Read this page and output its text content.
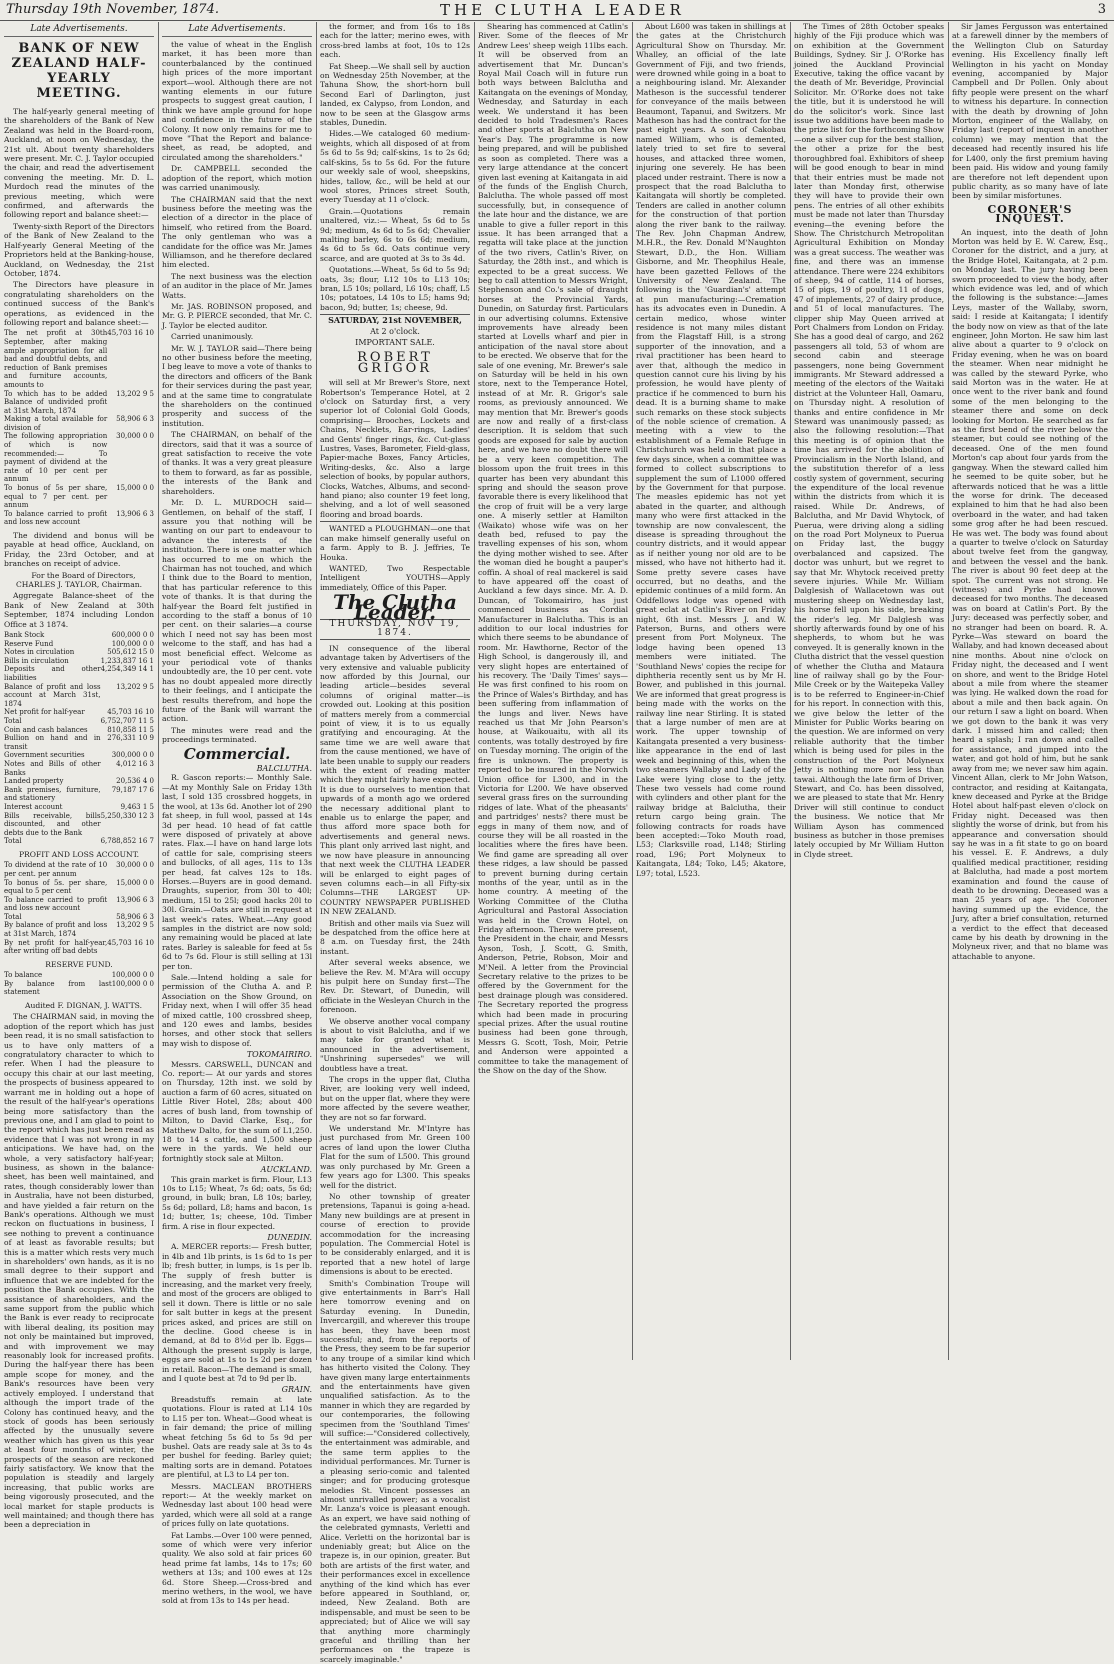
Thursday 19th November, 1874.	THE CLUTHA LEADER	3
Late Advertisements.
BANK OF NEW ZEALAND HALF-YEARLY MEETING.

The half-yearly general meeting of the shareholders of the Bank of New Zealand was held in the Board-room, Auckland, at noon on Wednesday, the 21st ult. About twenty shareholders were present. Mr. C. J. Taylor occupied the chair, and read the advertisement convening the meeting. Mr. D. L. Murdoch read the minutes of the previous meeting, which were confirmed, and afterwards the following report and balance sheet:—

Twenty-sixth Report of the Directors of the Bank of New Zealand to the Half-yearly General Meeting of the Proprietors held at the Banking-house, Auckland, on Wednesday, the 21st October, 1874.

The Directors have pleasure in congratulating shareholders on the continued success of the Bank's operations, as evidenced in the following report and balance sheet:—

The net profit at 30th September, after making ample appropriation for all bad and doubtful debts, and reduction of Bank premises and furniture accounts, amounts to	45,703 16 10
To which has to be added Balance of undivided profit at 31st March, 1874	13,202 9 5
Making a total available for division of	58,906 6 3
The following appropriation of which is now recommended:— To payment of dividend at the rate of 10 per cent per annum	30,000 0 0
To bonus of 5s per share, equal to 7 per cent. per annum	15,000 0 0
To balance carried to profit and loss new account	13,906 6 3

The dividend and bonus will be payable at head office, Auckland, on Friday, the 23rd October, and at branches on receipt of advice.

For the Board of Directors, CHARLES J. TAYLOR, Chairman.

Aggregate Balance-sheet of the Bank of New Zealand at 30th September, 1874 including London Office at 3 1874.

Bank Stock	600,000 0 0
Reserve Fund	100,000 0 0
Notes in circulation	505,612 15 0
Bills in circulation	1,233,837 16 1
Deposits and other liabilities	4,254,349 14 1
Balance of profit and loss account at March 31st, 1874	13,202 9 5
Net profit for half-year	45,703 16 10
Total	6,752,707 11 5
Coin and cash balances	810,858 11 5
Bullion on hand and in transit	276,331 10 9
Government securities	300,000 0 0
Notes and Bills of other Banks	4,012 16 3
Landed property	20,536 4 0
Bank premises, furniture, and stationery	79,187 17 6
Interest account	9,463 1 5
Bills receivable, bills discounted, and other debts due to the Bank	5,250,330 12 3
Total	6,788,852 16 7
PROFIT AND LOSS ACCOUNT.
To dividend at the rate of 10 per cent. per annum	30,000 0 0
To bonus of 5s. per share, equal to 5 per cent	15,000 0 0
To balance carried to profit and loss new account	13,906 6 3
Total	58,906 6 3
By balance of profit and loss at 31st March, 1874	13,202 9 5
By net profit for half-year, after writing off bad debts	45,703 16 10
RESERVE FUND.
To balance	100,000 0 0
By balance from last statement	100,000 0 0

Audited F. DIGNAN, J. WATTS.

The CHAIRMAN said, in moving the adoption of the report which has just been read, it is no small satisfaction to us to have only matters of a congratulatory character to which to refer. When I had the pleasure to occupy this chair at our last meeting, the prospects of business appeared to warrant me in holding out a hope of the result of the half-year's operations being more satisfactory than the previous one, and I am glad to point to the report which has just been read as evidence that I was not wrong in my anticipations. We have had, on the whole, a very satisfactory half-year; business, as shown in the balance-sheet, has been well maintained, and rates, though considerably lower than in Australia, have not been disturbed, and have yielded a fair return on the Bank's operations. Although we must reckon on fluctuations in business, I see nothing to prevent a continuance of at least as favorable results; but this is a matter which rests very much in shareholders' own hands, as it is no small degree to their support and influence that we are indebted for the position the Bank occupies. With the assistance of shareholders, and the same support from the public which the Bank is ever ready to reciprocate with liberal dealing, its position may not only be maintained but improved, and with improvement we may reasonably look for increased profits. During the half-year there has been ample scope for money, and the Bank's resources have been very actively employed. I understand that although the import trade of the Colony has continued heavy, and the stock of goods has been seriously affected by the unusually severe weather which has given us this year at least four months of winter, the prospects of the season are reckoned fairly satisfactory. We know that the population is steadily and largely increasing, that public works are being vigorously prosecuted, and the local market for staple products is well maintained; and though there has been a depreciation in

Late Advertisements.

the value of wheat in the English market, it has been more than counterbalanced by the continued high prices of the more important export—wool. Although there are not wanting elements in our future prospects to suggest great caution, I think we have ample ground for hope and confidence in the future of the Colony. It now only remains for me to move "That the Report and balance-sheet, as read, be adopted, and circulated among the shareholders."

Dr. CAMPBELL seconded the adoption of the report, which motion was carried unanimously.

The CHAIRMAN said that the next business before the meeting was the election of a director in the place of himself, who retired from the Board. The only gentleman who was a candidate for the office was Mr. James Williamson, and he therefore declared him elected.

The next business was the election of an auditor in the place of Mr. James Watts.

Mr. JAS. ROBINSON proposed, and Mr. G. P. PIERCE seconded, that Mr. C. J. Taylor be elected auditor.

Carried unanimously.

Mr. W. J. TAYLOR said—There being no other business before the meeting, I beg leave to move a vote of thanks to the directors and officers of the Bank for their services during the past year, and at the same time to congratulate the shareholders on the continued prosperity and success of the institution.

The CHAIRMAN, on behalf of the directors, said that it was a source of great satisfaction to receive the vote of thanks. It was a very great pleasure to them to forward, as far as possible, the interests of the Bank and shareholders.

Mr. D. L. MURDOCH said—Gentlemen, on behalf of the staff, I assure you that nothing will be wanting on our part to endeavour to advance the interests of the institution. There is one matter which has occurred to me on which the Chairman has not touched, and which I think due to the Board to mention, that has particular reference to this vote of thanks. It is that during the half-year the Board felt justified in according to the staff a bonus of 10 per cent. on their salaries—a course which I need not say has been most welcome to the staff, and has had a most beneficial effect. Welcome as your periodical vote of thanks undoubtedly are, the 10 per cent. vote has no doubt appealed more directly to their feelings, and I anticipate the best results therefrom, and hope the future of the Bank will warrant the action.

The minutes were read and the proceedings terminated.

Commercial.
BALCLUTHA.

R. Gascon reports:— Monthly Sale.—At my Monthly Sale on Friday 13th last, I sold 135 crossbred hoggets, in the wool, at 13s 6d. Another lot of 290 fat sheep, in full wool, passed at 14s 3d per head. 10 head of fat cattle were disposed of privately at above rates. Flax.—I have on hand large lots of cattle for sale, comprising steers and bullocks, of all ages, 11s to 13s per head, fat calves 12s to 18s. Horses.—Buyers are in good demand. Draughts, superior, from 30l to 40l; medium, 15l to 25l; good hacks 20l to 30l. Grain.—Oats are still in request at last week's rates. Wheat.—Any good samples in the district are now sold; any remaining would be placed at late rates. Barley is saleable for feed at 5s 6d to 7s 6d. Flour is still selling at 13l per ton.

Sale.—Intend holding a sale for permission of the Clutha A. and P. Association on the Show Ground, on Friday next, when I will offer 35 head of mixed cattle, 100 crossbred sheep, and 120 ewes and lambs, besides horses, and other stock that sellers may wish to dispose of.

TOKOMAIRIRO.

Messrs. CARSWELL, DUNCAN and Co. report:— At our yards and stores on Thursday, 12th inst. we sold by auction a farm of 60 acres, situated on Little River Hotel, 28s; about 400 acres of bush land, from township of Milton, to David Clarke, Esq., for Matthew Dalto, for the sum of L1,250. 18 to 14 s cattle, and 1,500 sheep were in the yards. We held our fortnightly stock sale at Milton.

AUCKLAND.

This grain market is firm. Flour, L13 10s to L15; Wheat, 7s 6d; oats, 5s 6d; ground, in bulk; bran, L8 10s; barley, 5s 6d; pollard, L8; hams and bacon, 1s 1d; butter, 1s; cheese, 10d. Timber firm. A rise in flour expected.

DUNEDIN.

A. MERCER reports:— Fresh butter, in 4lb and 1lb prints, is 1s 6d to 1s per lb; fresh butter, in lumps, is 1s per lb. The supply of fresh butter is increasing, and the market very freely, and most of the grocers are obliged to sell it down. There is little or no sale for salt butter in kegs at the present prices asked, and prices are still on the decline. Good cheese is in demand, at 8d to 8½d per lb. Eggs—Although the present supply is large, eggs are sold at 1s to 1s 2d per dozen in retail. Bacon—The demand is small, and I quote best at 7d to 9d per lb.

GRAIN.

Breadstuffs remain at late quotations. Flour is rated at L14 10s to L15 per ton. Wheat—Good wheat is in fair demand; the price of milling wheat fetching 5s 6d to 5s 9d per bushel. Oats are ready sale at 3s to 4s per bushel for feeding. Barley quiet; malting sorts are in demand. Potatoes are plentiful, at L3 to L4 per ton.

Messrs. MACLEAN BROTHERS report:— At the weekly market on Wednesday last about 100 head were yarded, which were all sold at a range of prices fully on late quotations.

Fat Lambs.—Over 100 were penned, some of which were very inferior quality. We also sold at fair prices 60 head prime fat lambs, 14s to 17s; 60 wethers at 13s; and 100 ewes at 12s 6d. Store Sheep.—Cross-bred and merino wethers, in the wool, we have sold at from 13s to 14s per head.

the former, and from 16s to 18s each for the latter; merino ewes, with cross-bred lambs at foot, 10s to 12s each.

Fat Sheep.—We shall sell by auction on Wednesday 25th November, at the Tahuna Show, the short-horn bull Second Earl of Darlington, just landed, ex Calypso, from London, and now to be seen at the Glasgow arms stables, Dunedin.

Hides.—We cataloged 60 medium-weights, which all disposed of at from 5s 6d to 5s 9d; calf-skins, 1s to 2s 6d; calf-skins, 5s to 5s 6d. For the future our weekly sale of wool, sheepskins, hides, tallow, &c., will be held at our wool stores, Princes street South, every Tuesday at 11 o'clock.

Grain.—Quotations remain unaltered, viz.:— Wheat, 5s 6d to 5s 9d; medium, 4s 6d to 5s 6d; Chevalier malting barley, 6s to 6s 6d; medium, 4s 6d to 5s 6d. Oats continue very scarce, and are quoted at 3s to 3s 4d.

Quotations.—Wheat, 5s 6d to 5s 9d; oats, 3s; flour, L12 10s to L13 10s; bran, L5 10s; pollard, L6 10s; chaff, L5 10s; potatoes, L4 10s to L5; hams 9d; bacon, 9d; butter, 1s; cheese, 9d.

SATURDAY, 21st NOVEMBER,
At 2 o'clock.
IMPORTANT SALE.
ROBERT GRIGOR

will sell at Mr Brewer's Store, next Robertson's Temperance Hotel, at 2 o'clock on Saturday first, a very superior lot of Colonial Gold Goods, comprising— Brooches, Lockets and Chains, Necklets, Ear-rings, Ladies' and Gents' finger rings, &c. Cut-glass Lustres, Vases, Barometer, Field-glass, Papier-mache Boxes, Fancy Articles, Writing-desks, &c. Also a large selection of books, by popular authors, Clocks, Watches, Albums, and second-hand piano; also counter 19 feet long, shelving, and a lot of well seasoned flooring and broad boards.

WANTED a PLOUGHMAN—one that can make himself generally useful on a farm. Apply to B. J. Jeffries, Te Houka.

WANTED, Two Respectable Intelligent YOUTHS—Apply immediately, Office of this Paper.

The Clutha Leader.
THURSDAY, NOV 19, 1874.

IN consequence of the liberal advantage taken by Advertisers of the very extensive and valuable publicity now afforded by this Journal, our leading article—besides several columns of original matter—is crowded out. Looking at this position of matters merely from a commercial point of view, it is to us equally gratifying and encouraging. At the same time we are well aware that from the cause mentioned, we have of late been unable to supply our readers with the extent of reading matter which they might fairly have expected. It is due to ourselves to mention that upwards of a month ago we ordered the necessary additional plant to enable us to enlarge the paper, and thus afford more space both for advertisements and general news. This plant only arrived last night, and we now have pleasure in announcing that next week the CLUTHA LEADER will be enlarged to eight pages of seven columns each—in all Fifty-six Columns—THE LARGEST UP-COUNTRY NEWSPAPER PUBLISHED IN NEW ZEALAND.

British and other mails via Suez will be despatched from the office here at 8 a.m. on Tuesday first, the 24th instant.

After several weeks absence, we believe the Rev. M. M'Ara will occupy his pulpit here on Sunday first—The Rev. Dr. Stewart, of Dunedin, will officiate in the Wesleyan Church in the forenoon.

We observe another vocal company is about to visit Balclutha, and if we may take for granted what is announced in the advertisement, "Unshrining supersedes" we will doubtless have a treat.

The crops in the upper flat, Clutha River, are looking very well indeed, but on the upper flat, where they were more affected by the severe weather, they are not so far forward.

We understand Mr. M'Intyre has just purchased from Mr. Green 100 acres of land upon the lower Clutha Flat for the sum of L500. This ground was only purchased by Mr. Green a few years ago for L300. This speaks well for the district.

No other township of greater pretensions, Tapanui is going a-head. Many new buildings are at present in course of erection to provide accommodation for the increasing population. The Commercial Hotel is to be considerably enlarged, and it is reported that a new hotel of large dimensions is about to be erected.

Smith's Combination Troupe will give entertainments in Barr's Hall here tomorrow evening and on Saturday evening. In Dunedin, Invercargill, and wherever this troupe has been, they have been most successful; and, from the reports of the Press, they seem to be far superior to any troupe of a similar kind which has hitherto visited the Colony. They have given many large entertainments and the entertainments have given unqualified satisfaction. As to the manner in which they are regarded by our contemporaries, the following specimen from the 'Southland Times' will suffice:—"Considered collectively, the entertainment was admirable, and the same term applies to the individual performances. Mr. Turner is a pleasing serio-comic and talented singer; and for producing grotesque melodies St. Vincent possesses an almost unrivalled power; as a vocalist Mr. Lanza's voice is pleasant enough. As an expert, we have said nothing of the celebrated gymnasts, Verletti and Alice. Verletti on the horizontal bar is undeniably great; but Alice on the trapeze is, in our opinion, greater. But both are artists of the first water, and their performances excel in excellence anything of the kind which has ever before appeared in Southland, or, indeed, New Zealand. Both are indispensable, and must be seen to be appreciated; but of Alice we will say that anything more charmingly graceful and thrilling than her performances on the trapeze is scarcely imaginable."

Shearing has commenced at Catlin's River. Some of the fleeces of Mr Andrew Lees' sheep weigh 11lbs each. It will be observed from an advertisement that Mr. Duncan's Royal Mail Coach will in future run both ways between Balclutha and Kaitangata on the evenings of Monday, Wednesday, and Saturday in each week. We understand it has been decided to hold Tradesmen's Races and other sports at Balclutha on New Year's Day. The programme is now being prepared, and will be published as soon as completed. There was a very large attendance at the concert given last evening at Kaitangata in aid of the funds of the English Church, Balclutha. The whole passed off most successfully, but, in consequence of the late hour and the distance, we are unable to give a fuller report in this issue. It has been arranged that a regatta will take place at the junction of the two rivers, Catlin's River, on Saturday, the 28th inst., and which is expected to be a great success. We beg to call attention to Messrs Wright, Stephenson and Co.'s sale of draught horses at the Provincial Yards, Dunedin, on Saturday first. Particulars in our advertising columns. Extensive improvements have already been started at Lovells wharf and pier in anticipation of the naval store about to be erected. We observe that for the sale of one evening, Mr. Brewer's sale on Saturday will be held in his own store, next to the Temperance Hotel, instead of at Mr. R. Grigor's sale rooms, as previously announced. We may mention that Mr. Brewer's goods are now and really of a first-class description. It is seldom that such goods are exposed for sale by auction here, and we have no doubt there will be a very keen competition. The blossom upon the fruit trees in this quarter has been very abundant this spring and should the season prove favorable there is every likelihood that the crop of fruit will be a very large one. A miserly settler at Hamilton (Waikato) whose wife was on her death bed, refused to pay the travelling expenses of his son, whom the dying mother wished to see. After the woman died he bought a pauper's coffin. A shoal of real mackerel is said to have appeared off the coast of Auckland a few days since. Mr. A. D. Duncan, of Tokomairiro, has just commenced business as Cordial Manufacturer in Balclutha. This is an addition to our local industries for which there seems to be abundance of room. Mr. Hawthorne, Rector of the High School, is dangerously ill, and very slight hopes are entertained of his recovery. The 'Daily Times' says—He was first confined to his room on the Prince of Wales's Birthday, and has been suffering from inflammation of the lungs and liver. News have reached us that Mr John Pearson's house, at Waikouaitu, with all its contents, was totally destroyed by fire on Tuesday morning. The origin of the fire is unknown. The property is reported to be insured in the Norwich Union office for L300, and in the Victoria for L200. We have observed several grass fires on the surrounding ridges of late. What of the pheasants' and partridges' nests? there must be eggs in many of them now, and of course they will be all roasted in the localities where the fires have been. We find game are spreading all over these ridges, a law should be passed to prevent burning during certain months of the year, until as in the home country. A meeting of the Working Committee of the Clutha Agricultural and Pastoral Association was held in the Crown Hotel, on Friday afternoon. There were present, the President in the chair, and Messrs Ayson, Tosh, J. Scott, G. Smith, Anderson, Petrie, Robson, Moir and M'Neil. A letter from the Provincial Secretary relative to the prizes to be offered by the Government for the best drainage plough was considered. The Secretary reported the progress which had been made in procuring special prizes. After the usual routine business had been gone through, Messrs G. Scott, Tosh, Moir, Petrie and Anderson were appointed a committee to take the management of the Show on the day of the Show.

About L600 was taken in shillings at the gates at the Christchurch Agricultural Show on Thursday. Mr. Whalley, an official of the late Government of Fiji, and two friends, were drowned while going in a boat to a neighbouring island. Mr. Alexander Matheson is the successful tenderer for conveyance of the mails between Beaumont, Tapanui, and Switzers. Mr Matheson has had the contract for the past eight years. A son of Cakobau named William, who is demented, lately tried to set fire to several houses, and attacked three women, injuring one severely. He has been placed under restraint. There is now a prospect that the road Balclutha to Kaitangata will shortly be completed. Tenders are called in another column for the construction of that portion along the river bank to the railway. The Rev. John Chapman Andrew, M.H.R., the Rev. Donald M'Naughton Stewart, D.D., the Hon. William Gisborne, and Mr. Theophilus Heale, have been gazetted Fellows of the University of New Zealand. The following is the 'Guardian's' attempt at pun manufacturing:—Cremation has its advocates even in Dunedin. A certain medico, whose winter residence is not many miles distant from the Flagstaff Hill, is a strong supporter of the innovation, and a rival practitioner has been heard to aver that, although the medico in question cannot cure his living by his profession, he would have plenty of practice if he commenced to burn his dead. It is a burning shame to make such remarks on these stock subjects of the noble science of cremation. A meeting with a view to the establishment of a Female Refuge in Christchurch was held in that place a few days since, when a committee was formed to collect subscriptions to supplement the sum of L1000 offered by the Government for that purpose. The measles epidemic has not yet abated in the quarter, and although many who were first attacked in the township are now convalescent, the disease is spreading throughout the country districts, and it would appear as if neither young nor old are to be missed, who have not hitherto had it. Some pretty severe cases have occurred, but no deaths, and the epidemic continues of a mild form. An Oddfellows lodge was opened with great eclat at Catlin's River on Friday night, 6th inst. Messrs J. and W. Paterson, Burns, and others were present from Port Molyneux. The lodge having been opened 13 members were initiated. The 'Southland News' copies the recipe for diphtheria recently sent us by Mr H. Bower, and published in this journal. We are informed that great progress is being made with the works on the railway line near Stirling. It is stated that a large number of men are at work. The upper township of Kaitangata presented a very business-like appearance in the end of last week and beginning of this, when the two steamers Wallaby and Lady of the Lake were lying close to the jetty. These two vessels had come round with cylinders and other plant for the railway bridge at Balclutha, their return cargo being grain. The following contracts for roads have been accepted:—Toko Mouth road, L53; Clarksville road, L148; Stirling road, L96; Port Molyneux to Kaitangata, L84; Toko, L45; Akatore, L97; total, L523.

The Times of 28th October speaks highly of the Fiji produce which was on exhibition at the Government Buildings, Sydney. Sir J. O'Rorke has joined the Auckland Provincial Executive, taking the office vacant by the death of Mr. Beveridge, Provincial Solicitor. Mr. O'Rorke does not take the title, but it is understood he will do the solicitor's work. Since last issue two additions have been made to the prize list for the forthcoming Show—one a silver cup for the best stallion, the other a prize for the best thoroughbred foal. Exhibitors of sheep will be good enough to bear in mind that their entries must be made not later than Monday first, otherwise they will have to provide their own pens. The entries of all other exhibits must be made not later than Thursday evening—the evening before the Show. The Christchurch Metropolitan Agricultural Exhibition on Monday was a great success. The weather was fine, and there was an immense attendance. There were 224 exhibitors of sheep, 94 of cattle, 114 of horses, 15 of pigs, 19 of poultry, 11 of dogs, 47 of implements, 27 of dairy produce, and 51 of local manufactures. The clipper ship May Queen arrived at Port Chalmers from London on Friday. She has a good deal of cargo, and 262 passengers all told, 53 of whom are second cabin and steerage passengers, none being Government immigrants. Mr Steward addressed a meeting of the electors of the Waitaki district at the Volunteer Hall, Oamaru, on Thursday night. A resolution of thanks and entire confidence in Mr Steward was unanimously passed; as also the following resolution:—That this meeting is of opinion that the time has arrived for the abolition of Provincialism in the North Island, and the substitution therefor of a less costly system of government, securing the expenditure of the local revenue within the districts from which it is raised. While Dr. Andrews, of Balclutha, and Mr David Whytock, of Puerua, were driving along a sidling on the road Port Molyneux to Puerua on Friday last, the buggy overbalanced and capsized. The doctor was unhurt, but we regret to say that Mr. Whytock received pretty severe injuries. While Mr. William Dalglesish of Wallacetown was out mustering sheep on Wednesday last, his horse fell upon his side, breaking the rider's leg. Mr Dalglesh was shortly afterwards found by one of his shepherds, to whom but he was conveyed. It is generally known in the Clutha district that the vessel question of whether the Clutha and Mataura line of railway shall go by the Four-Mile Creek or by the Waitepeka Valley is to be referred to Engineer-in-Chief for his report. In connection with this, we give below the letter of the Minister for Public Works bearing on the question. We are informed on very reliable authority that the timber which is being used for piles in the construction of the Port Molyneux Jetty is nothing more nor less than tawai. Although the late firm of Driver, Stewart, and Co. has been dissolved, we are pleased to state that Mr. Henry Driver will still continue to conduct the business. We notice that Mr William Ayson has commenced business as butcher in those premises lately occupied by Mr William Hutton in Clyde street.

Sir James Fergusson was entertained at a farewell dinner by the members of the Wellington Club on Saturday evening. His Excellency finally left Wellington in his yacht on Monday evening, accompanied by Major Campbell and Dr Pollen. Only about fifty people were present on the wharf to witness his departure. In connection with the death by drowning of John Morton, engineer of the Wallaby, on Friday last (report of inquest in another column) we may mention that the deceased had recently insured his life for L400, only the first premium having been paid. His widow and young family are therefore not left dependent upon public charity, as so many have of late been by similar misfortunes.

CORONER'S INQUEST.

An inquest, into the death of John Morton was held by E. W. Carew, Esq., Coroner for the district, and a jury, at the Bridge Hotel, Kaitangata, at 2 p.m. on Monday last. The jury having been sworn proceeded to view the body, after which evidence was led, and of which the following is the substance:—James Leys, master of the Wallaby, sworn, said: I reside at Kaitangata; I identify the body now on view as that of the late engineer, John Morton. He saw him last alive about a quarter to 9 o'clock on Friday evening, when he was on board the steamer. When near midnight he was called by the steward Pyrke, who said Morton was in the water. He at once went to the river bank and found some of the men belonging to the steamer there and some on deck looking for Morton. He searched as far as the first bend of the river below the steamer, but could see nothing of the deceased. One of the men found Morton's cap about four yards from the gangway. When the steward called him he seemed to be quite sober, but he afterwards noticed that he was a little the worse for drink. The deceased explained to him that he had also been overboard in the water, and had taken some grog after he had been rescued. He was wet. The body was found about a quarter to twelve o'clock on Saturday about twelve feet from the gangway, and between the vessel and the bank. The river is about 90 feet deep at the spot. The current was not strong. He (witness) and Pyrke had known deceased for two months. The deceased was on board at Catlin's Port. By the Jury: deceased was perfectly sober, and no stranger had been on board. R. A. Pyrke—Was steward on board the Wallaby, and had known deceased about nine months. About nine o'clock on Friday night, the deceased and I went on shore, and went to the Bridge Hotel about a mile from where the steamer was lying. He walked down the road for about a mile and then back again. On our return I saw a light on board. When we got down to the bank it was very dark. I missed him and called; then heard a splash; I ran down and called for assistance, and jumped into the water, and got hold of him, but he sank away from me; we never saw him again. Vincent Allan, clerk to Mr John Watson, contractor, and residing at Kaitangata, knew deceased and Pyrke at the Bridge Hotel about half-past eleven o'clock on Friday night. Deceased was then slightly the worse of drink, but from his appearance and conversation should say he was in a fit state to go on board his vessel. E. F. Andrews, a duly qualified medical practitioner, residing at Balclutha, had made a post mortem examination and found the cause of death to be drowning. Deceased was a man 25 years of age. The Coroner having summed up the evidence, the Jury, after a brief consultation, returned a verdict to the effect that deceased came by his death by drowning in the Molyneux river, and that no blame was attachable to anyone.
